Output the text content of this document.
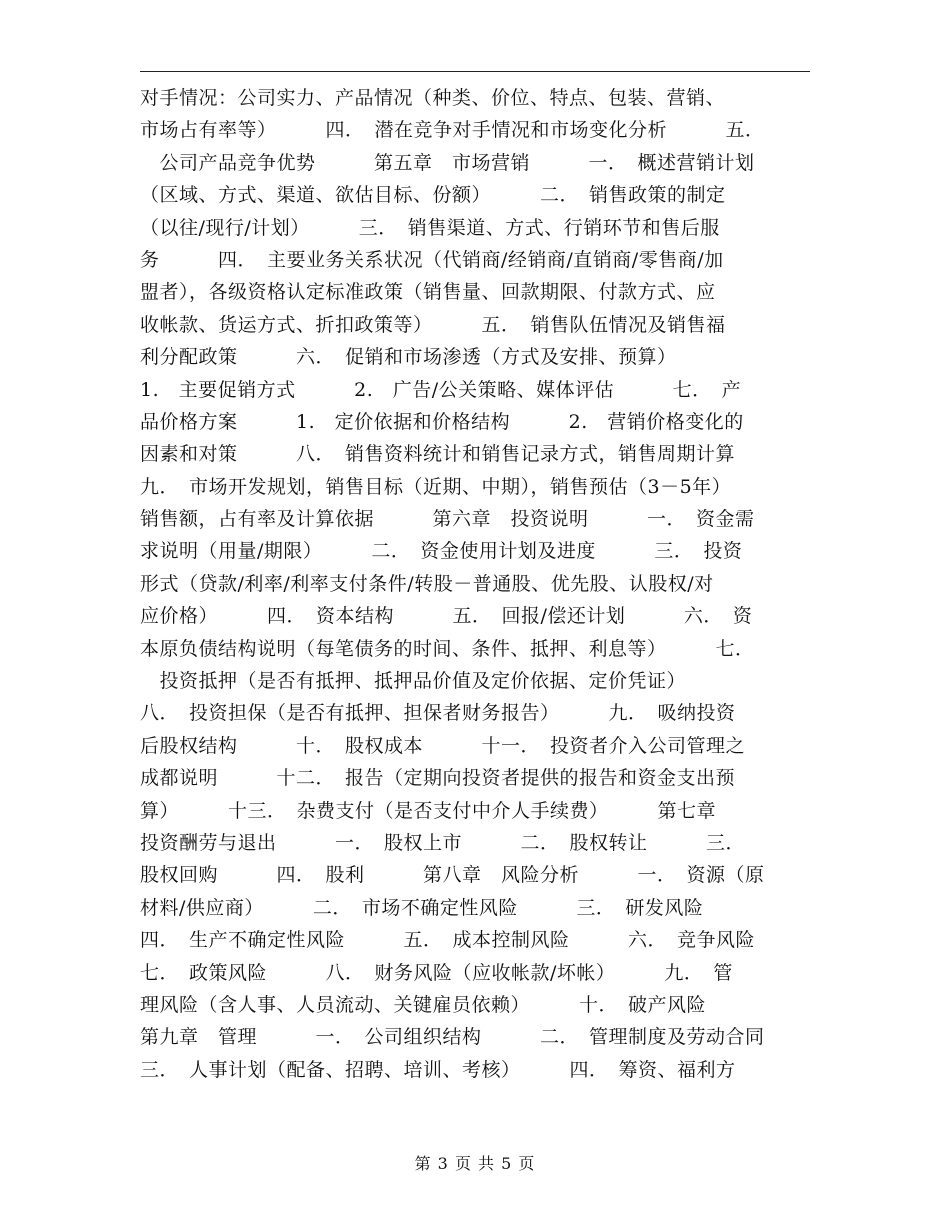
对手情况：公司实力、产品情况（种类、价位、特点、包装、营销、
市场占有率等）　　　四．　潜在竞争对手情况和市场变化分析　　　五．
　公司产品竞争优势　　　第五章　市场营销　　　一．　概述营销计划
（区域、方式、渠道、欲估目标、份额）　　　二．　销售政策的制定
（以往/现行/计划）　　　三．　销售渠道、方式、行销环节和售后服
务　　　四．　主要业务关系状况（代销商/经销商/直销商/零售商/加
盟者），各级资格认定标准政策（销售量、回款期限、付款方式、应
收帐款、货运方式、折扣政策等）　　　五．　销售队伍情况及销售福
利分配政策　　　六．　促销和市场渗透（方式及安排、预算）
1.　主要促销方式　　　2.　广告/公关策略、媒体评估　　　七．　产
品价格方案　　　1.　定价依据和价格结构　　　2.　营销价格变化的
因素和对策　　　八．　销售资料统计和销售记录方式，销售周期计算
九．　市场开发规划，销售目标（近期、中期），销售预估（3－5年）
销售额，占有率及计算依据　　　第六章　投资说明　　　一．　资金需
求说明（用量/期限）　　　二．　资金使用计划及进度　　　三．　投资
形式（贷款/利率/利率支付条件/转股－普通股、优先股、认股权/对
应价格）　　　四．　资本结构　　　五．　回报/偿还计划　　　六．　资
本原负债结构说明（每笔债务的时间、条件、抵押、利息等）　　　七．
　投资抵押（是否有抵押、抵押品价值及定价依据、定价凭证）
八．　投资担保（是否有抵押、担保者财务报告）　　　九．　吸纳投资
后股权结构　　　十．　股权成本　　　十一．　投资者介入公司管理之
成都说明　　　十二．　报告（定期向投资者提供的报告和资金支出预
算）　　　十三．　杂费支付（是否支付中介人手续费）　　　第七章
投资酬劳与退出　　　一．　股权上市　　　二．　股权转让　　　三．
股权回购　　　四．　股利　　　第八章　风险分析　　　一．　资源（原
材料/供应商）　　　二．　市场不确定性风险　　　三．　研发风险
四．　生产不确定性风险　　　五．　成本控制风险　　　六．　竞争风险
七．　政策风险　　　八．　财务风险（应收帐款/坏帐）　　　九．　管
理风险（含人事、人员流动、关键雇员依赖）　　　十．　破产风险
第九章　管理　　　一．　公司组织结构　　　二．　管理制度及劳动合同
三．　人事计划（配备、招聘、培训、考核）　　　四．　筹资、福利方
第 3 页 共 5 页
